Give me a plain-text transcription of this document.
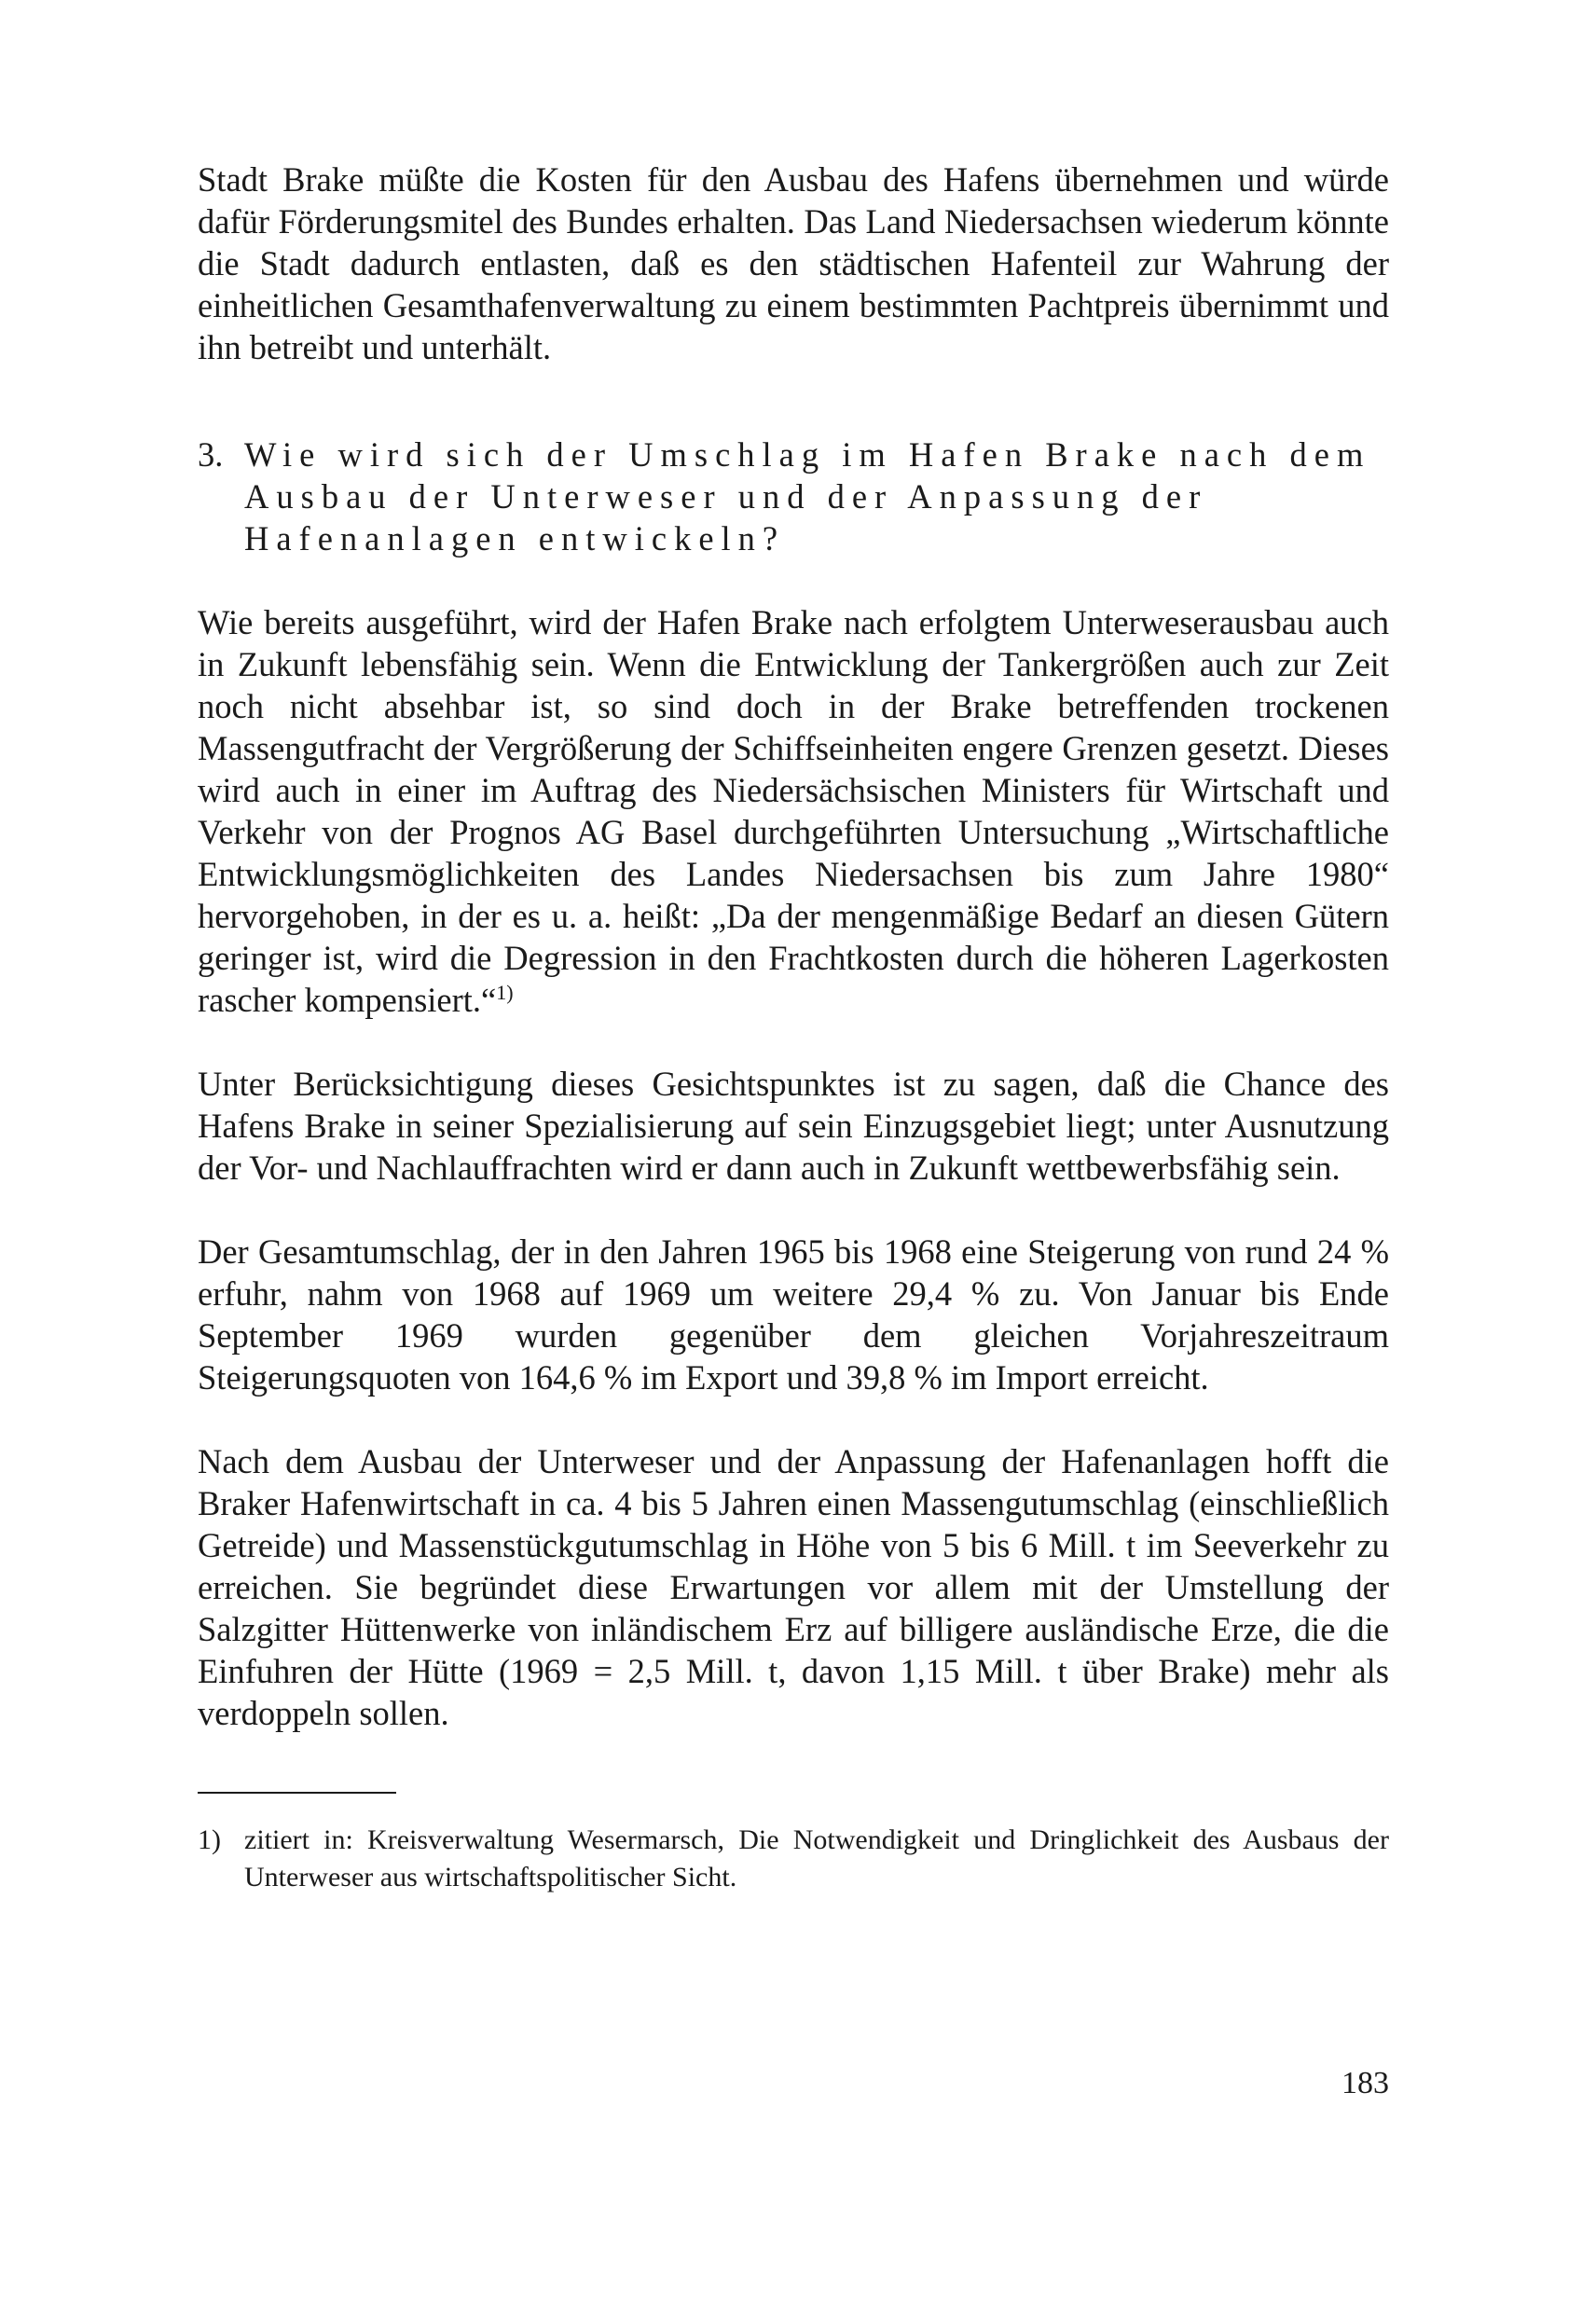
Stadt Brake müßte die Kosten für den Ausbau des Hafens übernehmen und würde dafür Förderungsmitel des Bundes erhalten. Das Land Niedersachsen wiederum könnte die Stadt dadurch entlasten, daß es den städtischen Hafenteil zur Wahrung der einheitlichen Gesamthafenverwaltung zu einem bestimmten Pachtpreis übernimmt und ihn betreibt und unterhält.

3. Wie wird sich der Umschlag im Hafen Brake nach dem Ausbau der Unterweser und der Anpassung der Hafenanlagen entwickeln?

Wie bereits ausgeführt, wird der Hafen Brake nach erfolgtem Unterweserausbau auch in Zukunft lebensfähig sein. Wenn die Entwicklung der Tankergrößen auch zur Zeit noch nicht absehbar ist, so sind doch in der Brake betreffenden trockenen Massengutfracht der Vergrößerung der Schiffseinheiten engere Grenzen gesetzt. Dieses wird auch in einer im Auftrag des Niedersächsischen Ministers für Wirtschaft und Verkehr von der Prognos AG Basel durchgeführten Untersuchung „Wirtschaftliche Entwicklungsmöglichkeiten des Landes Niedersachsen bis zum Jahre 1980“ hervorgehoben, in der es u. a. heißt: „Da der mengenmäßige Bedarf an diesen Gütern geringer ist, wird die Degression in den Frachtkosten durch die höheren Lagerkosten rascher kompensiert.“$^{1)}$

Unter Berücksichtigung dieses Gesichtspunktes ist zu sagen, daß die Chance des Hafens Brake in seiner Spezialisierung auf sein Einzugsgebiet liegt; unter Ausnutzung der Vor- und Nachlauffrachten wird er dann auch in Zukunft wettbewerbsfähig sein.

Der Gesamtumschlag, der in den Jahren 1965 bis 1968 eine Steigerung von rund 24 % erfuhr, nahm von 1968 auf 1969 um weitere 29,4 % zu. Von Januar bis Ende September 1969 wurden gegenüber dem gleichen Vorjahreszeitraum Steigerungsquoten von 164,6 % im Export und 39,8 % im Import erreicht.

Nach dem Ausbau der Unterweser und der Anpassung der Hafenanlagen hofft die Braker Hafenwirtschaft in ca. 4 bis 5 Jahren einen Massengutumschlag (einschließlich Getreide) und Massenstückgutumschlag in Höhe von 5 bis 6 Mill. t im Seeverkehr zu erreichen. Sie begründet diese Erwartungen vor allem mit der Umstellung der Salzgitter Hüttenwerke von inländischem Erz auf billigere ausländische Erze, die die Einfuhren der Hütte (1969 = 2,5 Mill. t, davon 1,15 Mill. t über Brake) mehr als verdoppeln sollen.

1) zitiert in: Kreisverwaltung Wesermarsch, Die Notwendigkeit und Dringlichkeit des Ausbaus der Unterweser aus wirtschaftspolitischer Sicht.
183
